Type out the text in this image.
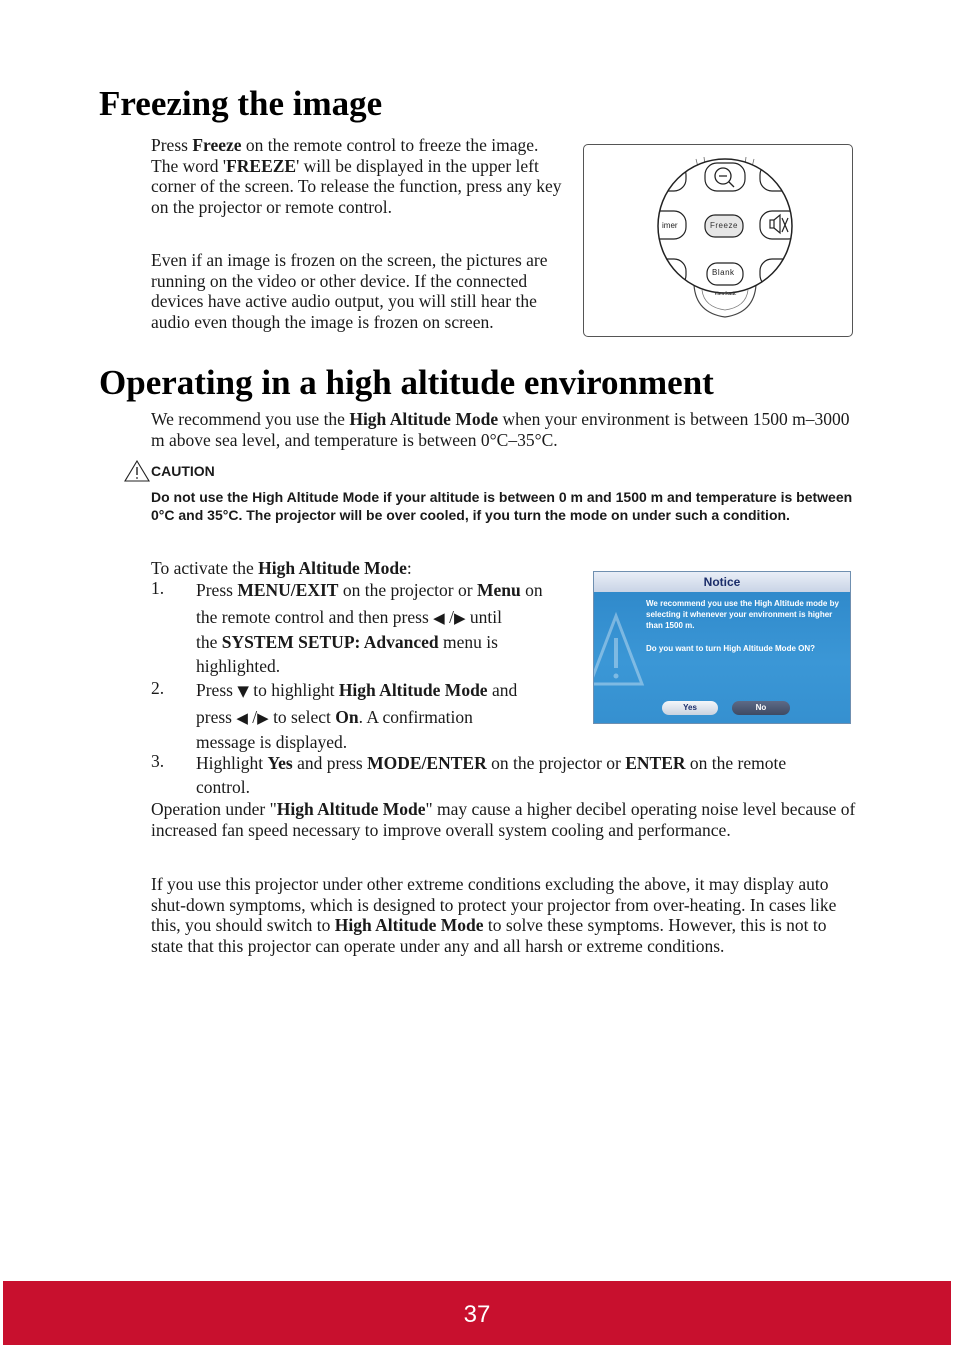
Freezing the image

Press Freeze on the remote control to freeze the image. The word 'FREEZE' will be displayed in the upper left corner of the screen. To release the function, press any key on the projector or remote control.

Even if an image is frozen on the screen, the pictures are running on the video or other device. If the connected devices have active audio output, you will still hear the audio even though the image is frozen on screen.

Freeze
Blank
imer
ViewSonic
Operating in a high altitude environment

We recommend you use the High Altitude Mode when your environment is between 1500 m–3000 m above sea level, and temperature is between 0°C–35°C.

CAUTION

Do not use the High Altitude Mode if your altitude is between 0 m and 1500 m and temperature is between 0°C and 35°C. The projector will be over cooled, if you turn the mode on under such a condition.

To activate the High Altitude Mode:

1. Press MENU/EXIT on the projector or Menu on
the remote control and then press ◀ /▶ until
the SYSTEM SETUP: Advanced menu is
highlighted.
2. Press ▼ to highlight High Altitude Mode and
press ◀ /▶ to select On. A confirmation
message is displayed.
3. Highlight Yes and press MODE/ENTER on the projector or ENTER on the remote
control.
Notice
We recommend you use the High Altitude mode by selecting it whenever your environment is higher than 1500 m.
Do you want to turn High Altitude Mode ON?
Yes	No

Operation under "High Altitude Mode" may cause a higher decibel operating noise level because of increased fan speed necessary to improve overall system cooling and performance.

If you use this projector under other extreme conditions excluding the above, it may display auto shut-down symptoms, which is designed to protect your projector from over-heating. In cases like this, you should switch to High Altitude Mode to solve these symptoms. However, this is not to state that this projector can operate under any and all harsh or extreme conditions.

37
